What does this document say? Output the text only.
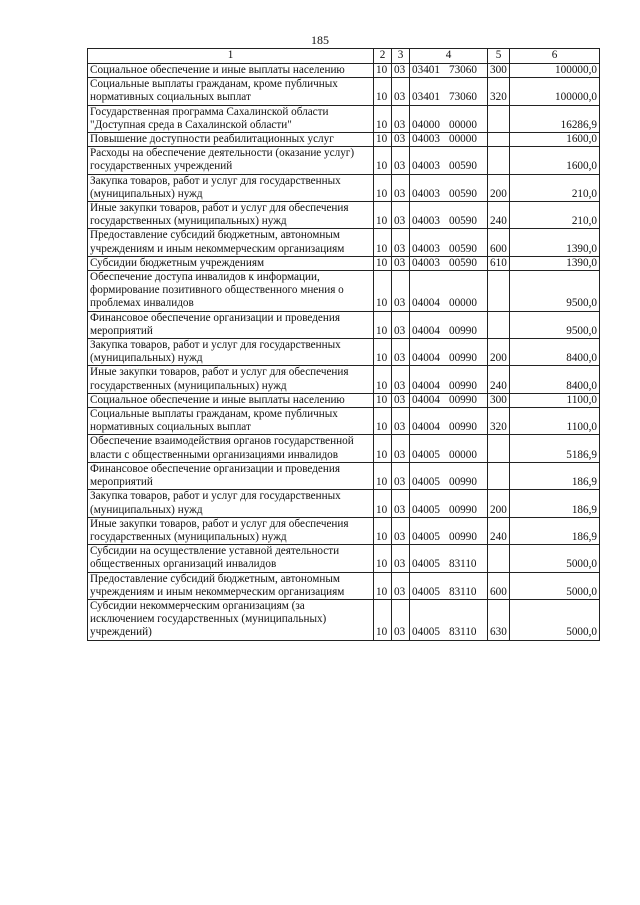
185
1	2	3	4	5	6
Социальное обеспечение и иные выплаты населению	10	03	03401 73060	300	100000,0
Социальные выплаты гражданам, кроме публичных нормативных социальных выплат	10	03	03401 73060	320	100000,0
Государственная программа Сахалинской области "Доступная среда в Сахалинской области"	10	03	04000 00000		16286,9
Повышение доступности реабилитационных услуг	10	03	04003 00000		1600,0
Расходы на обеспечение деятельности (оказание услуг) государственных учреждений	10	03	04003 00590		1600,0
Закупка товаров, работ и услуг для государственных (муниципальных) нужд	10	03	04003 00590	200	210,0
Иные закупки товаров, работ и услуг для обеспечения государственных (муниципальных) нужд	10	03	04003 00590	240	210,0
Предоставление субсидий бюджетным, автономным учреждениям и иным некоммерческим организациям	10	03	04003 00590	600	1390,0
Субсидии бюджетным учреждениям	10	03	04003 00590	610	1390,0
Обеспечение доступа инвалидов к информации, формирование позитивного общественного мнения о проблемах инвалидов	10	03	04004 00000		9500,0
Финансовое обеспечение организации и проведения мероприятий	10	03	04004 00990		9500,0
Закупка товаров, работ и услуг для государственных (муниципальных) нужд	10	03	04004 00990	200	8400,0
Иные закупки товаров, работ и услуг для обеспечения государственных (муниципальных) нужд	10	03	04004 00990	240	8400,0
Социальное обеспечение и иные выплаты населению	10	03	04004 00990	300	1100,0
Социальные выплаты гражданам, кроме публичных нормативных социальных выплат	10	03	04004 00990	320	1100,0
Обеспечение взаимодействия органов государственной власти с общественными организациями инвалидов	10	03	04005 00000		5186,9
Финансовое обеспечение организации и проведения мероприятий	10	03	04005 00990		186,9
Закупка товаров, работ и услуг для государственных (муниципальных) нужд	10	03	04005 00990	200	186,9
Иные закупки товаров, работ и услуг для обеспечения государственных (муниципальных) нужд	10	03	04005 00990	240	186,9
Субсидии на осуществление уставной деятельности общественных организаций инвалидов	10	03	04005 83110		5000,0
Предоставление субсидий бюджетным, автономным учреждениям и иным некоммерческим организациям	10	03	04005 83110	600	5000,0
Субсидии некоммерческим организациям (за исключением государственных (муниципальных) учреждений)	10	03	04005 83110	630	5000,0
